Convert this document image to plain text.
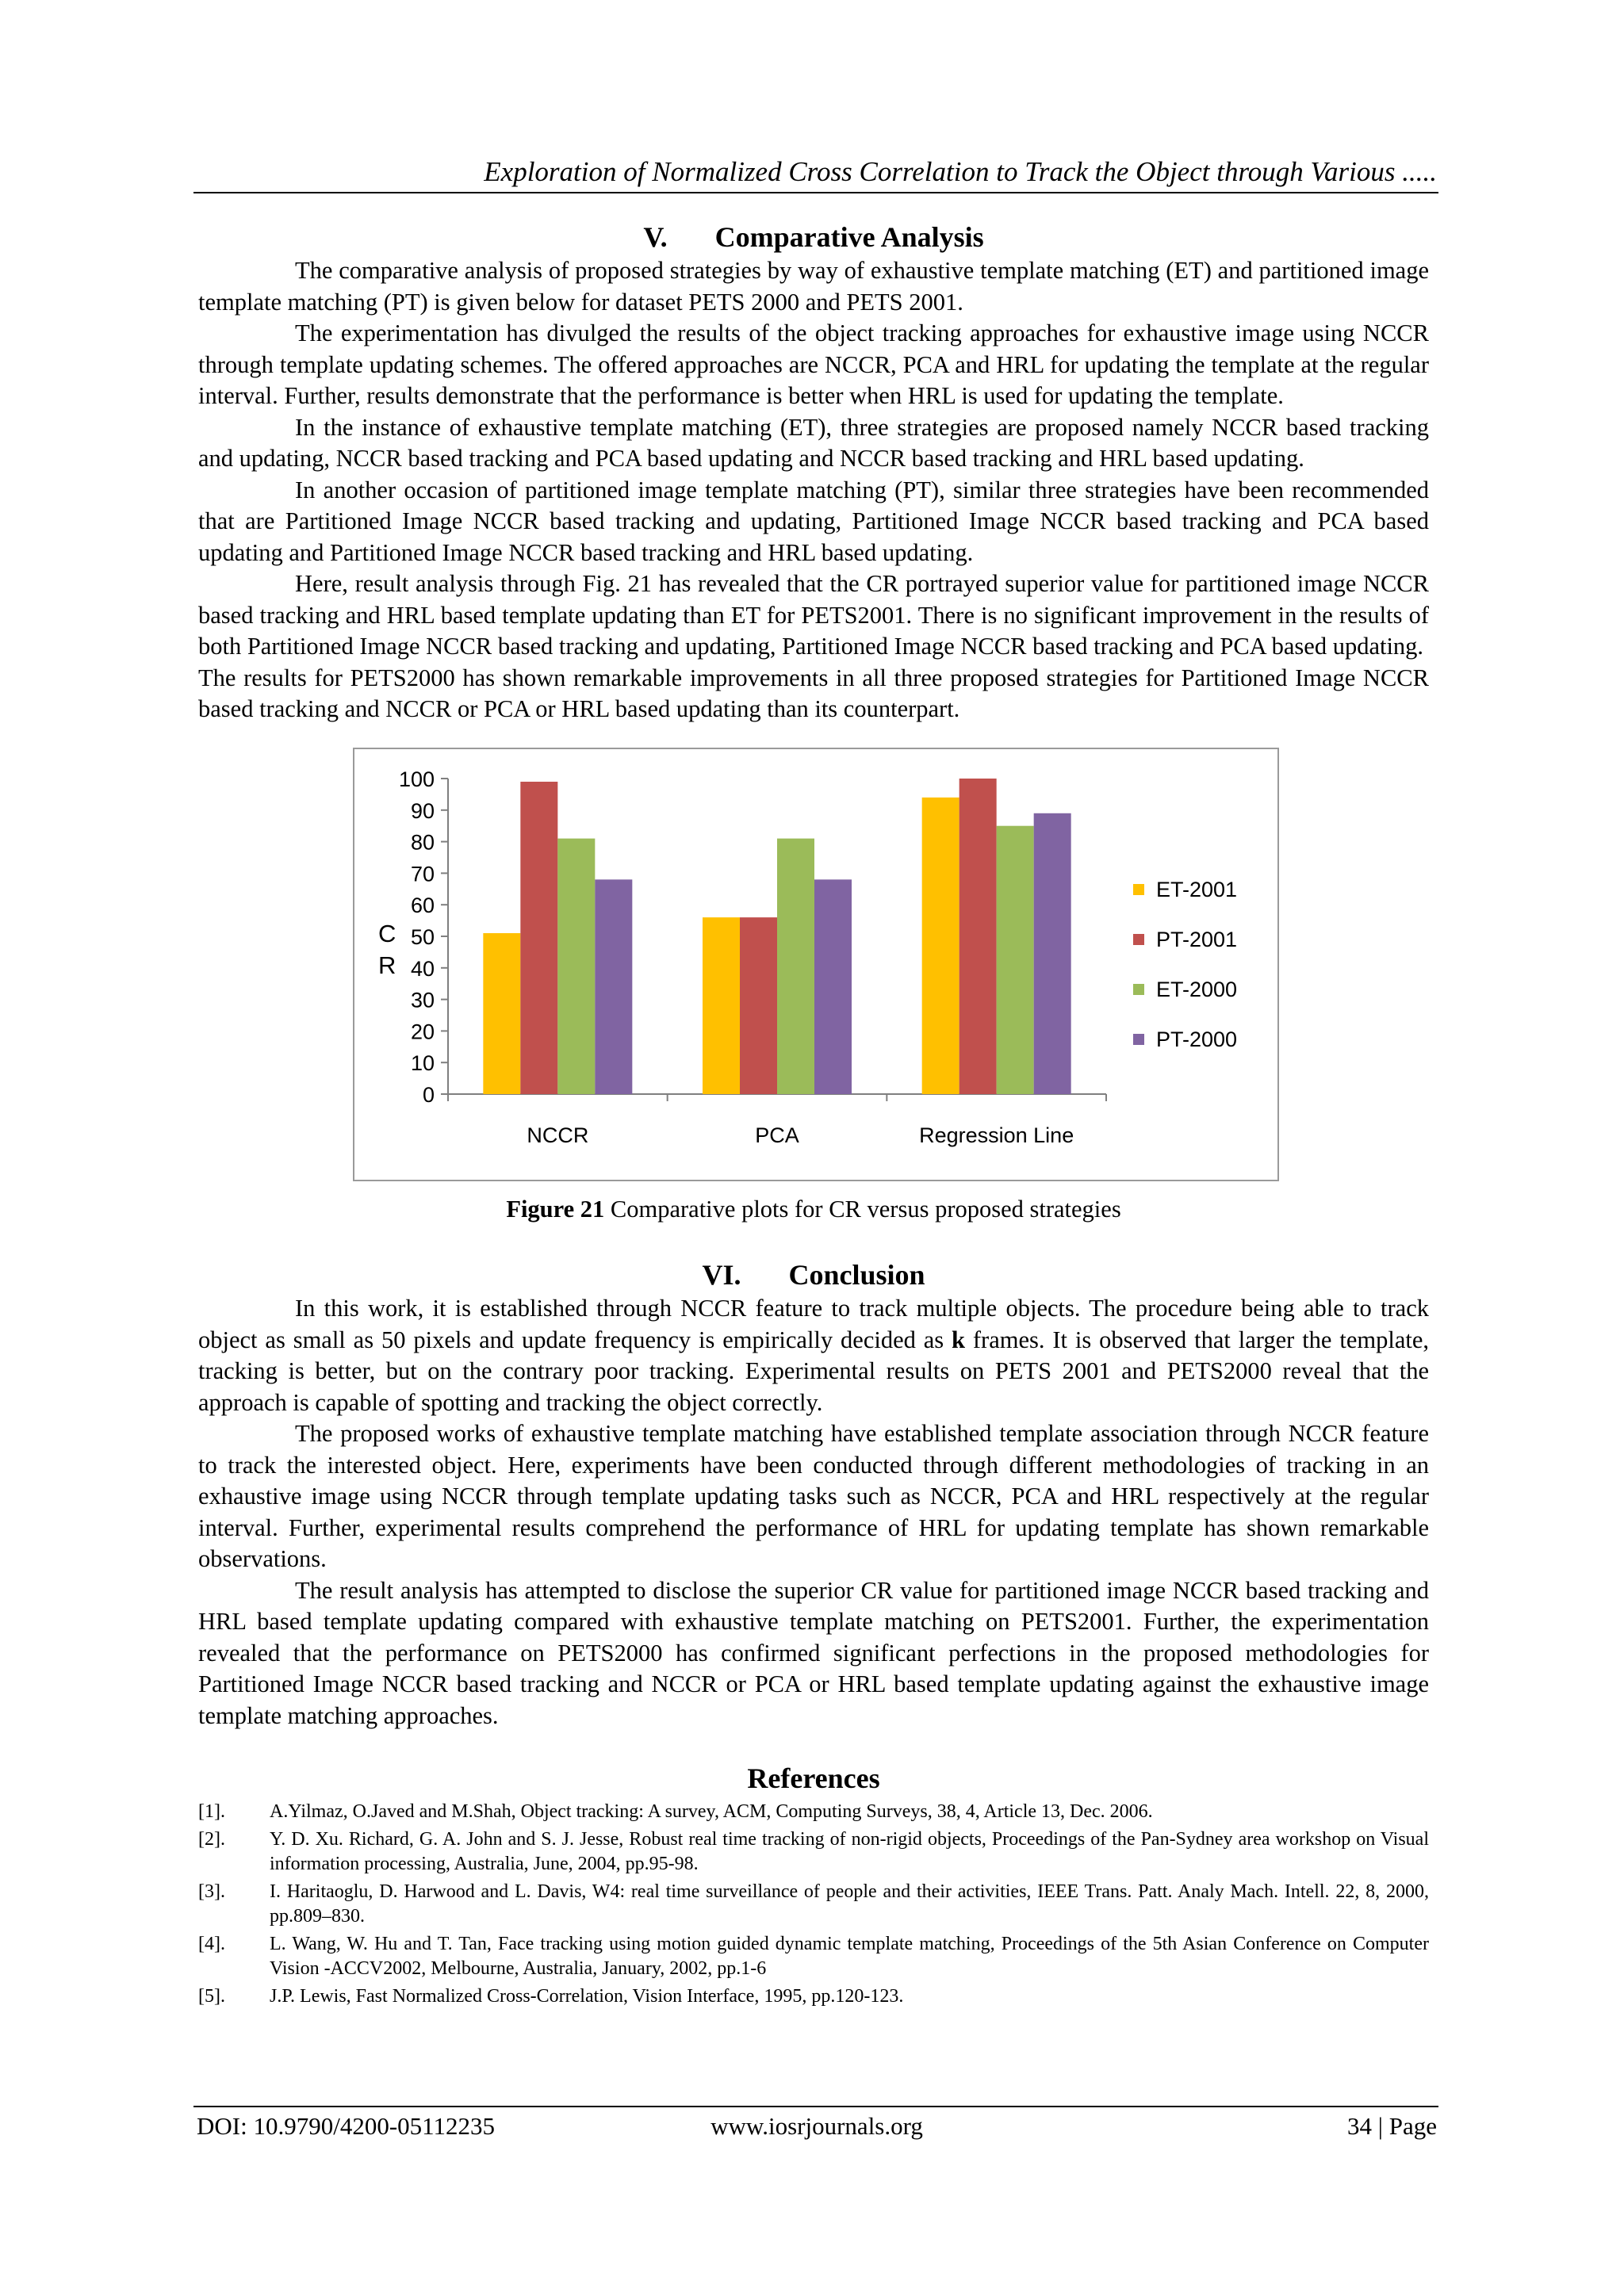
Exploration of Normalized Cross Correlation to Track the Object through Various .....
V. Comparative Analysis

The comparative analysis of proposed strategies by way of exhaustive template matching (ET) and partitioned image template matching (PT) is given below for dataset PETS 2000 and PETS 2001.

The experimentation has divulged the results of the object tracking approaches for exhaustive image using NCCR through template updating schemes. The offered approaches are NCCR, PCA and HRL for updating the template at the regular interval. Further, results demonstrate that the performance is better when HRL is used for updating the template.

In the instance of exhaustive template matching (ET), three strategies are proposed namely NCCR based tracking and updating, NCCR based tracking and PCA based updating and NCCR based tracking and HRL based updating.

In another occasion of partitioned image template matching (PT), similar three strategies have been recommended that are Partitioned Image NCCR based tracking and updating, Partitioned Image NCCR based tracking and PCA based updating and Partitioned Image NCCR based tracking and HRL based updating.

Here, result analysis through Fig. 21 has revealed that the CR portrayed superior value for partitioned image NCCR based tracking and HRL based template updating than ET for PETS2001. There is no significant improvement in the results of both Partitioned Image NCCR based tracking and updating, Partitioned Image NCCR based tracking and PCA based updating.

The results for PETS2000 has shown remarkable improvements in all three proposed strategies for Partitioned Image NCCR based tracking and NCCR or PCA or HRL based updating than its counterpart.

0
10
20
30
40
50
60
70
80
90
100
C
R
NCCR	PCA	Regression Line
ET-2001
PT-2001
ET-2000
PT-2000
Figure 21 Comparative plots for CR versus proposed strategies
VI. Conclusion

In this work, it is established through NCCR feature to track multiple objects. The procedure being able to track object as small as 50 pixels and update frequency is empirically decided as k frames. It is observed that larger the template, tracking is better, but on the contrary poor tracking. Experimental results on PETS 2001 and PETS2000 reveal that the approach is capable of spotting and tracking the object correctly.

The proposed works of exhaustive template matching have established template association through NCCR feature to track the interested object. Here, experiments have been conducted through different methodologies of tracking in an exhaustive image using NCCR through template updating tasks such as NCCR, PCA and HRL respectively at the regular interval. Further, experimental results comprehend the performance of HRL for updating template has shown remarkable observations.

The result analysis has attempted to disclose the superior CR value for partitioned image NCCR based tracking and HRL based template updating compared with exhaustive template matching on PETS2001. Further, the experimentation revealed that the performance on PETS2000 has confirmed significant perfections in the proposed methodologies for Partitioned Image NCCR based tracking and NCCR or PCA or HRL based template updating against the exhaustive image template matching approaches.

References
[1].	A.Yilmaz, O.Javed and M.Shah, Object tracking: A survey, ACM, Computing Surveys, 38, 4, Article 13, Dec. 2006.
[2].	Y. D. Xu. Richard, G. A. John and S. J. Jesse, Robust real time tracking of non-rigid objects, Proceedings of the Pan-Sydney area workshop on Visual information processing, Australia, June, 2004, pp.95-98.
[3].	I. Haritaoglu, D. Harwood and L. Davis, W4: real time surveillance of people and their activities, IEEE Trans. Patt. Analy Mach. Intell. 22, 8, 2000, pp.809–830.
[4].	L. Wang, W. Hu and T. Tan, Face tracking using motion guided dynamic template matching, Proceedings of the 5th Asian Conference on Computer Vision -ACCV2002, Melbourne, Australia, January, 2002, pp.1-6
[5].	J.P. Lewis, Fast Normalized Cross-Correlation, Vision Interface, 1995, pp.120-123.
DOI: 10.9790/4200-05112235	www.iosrjournals.org	34 | Page
